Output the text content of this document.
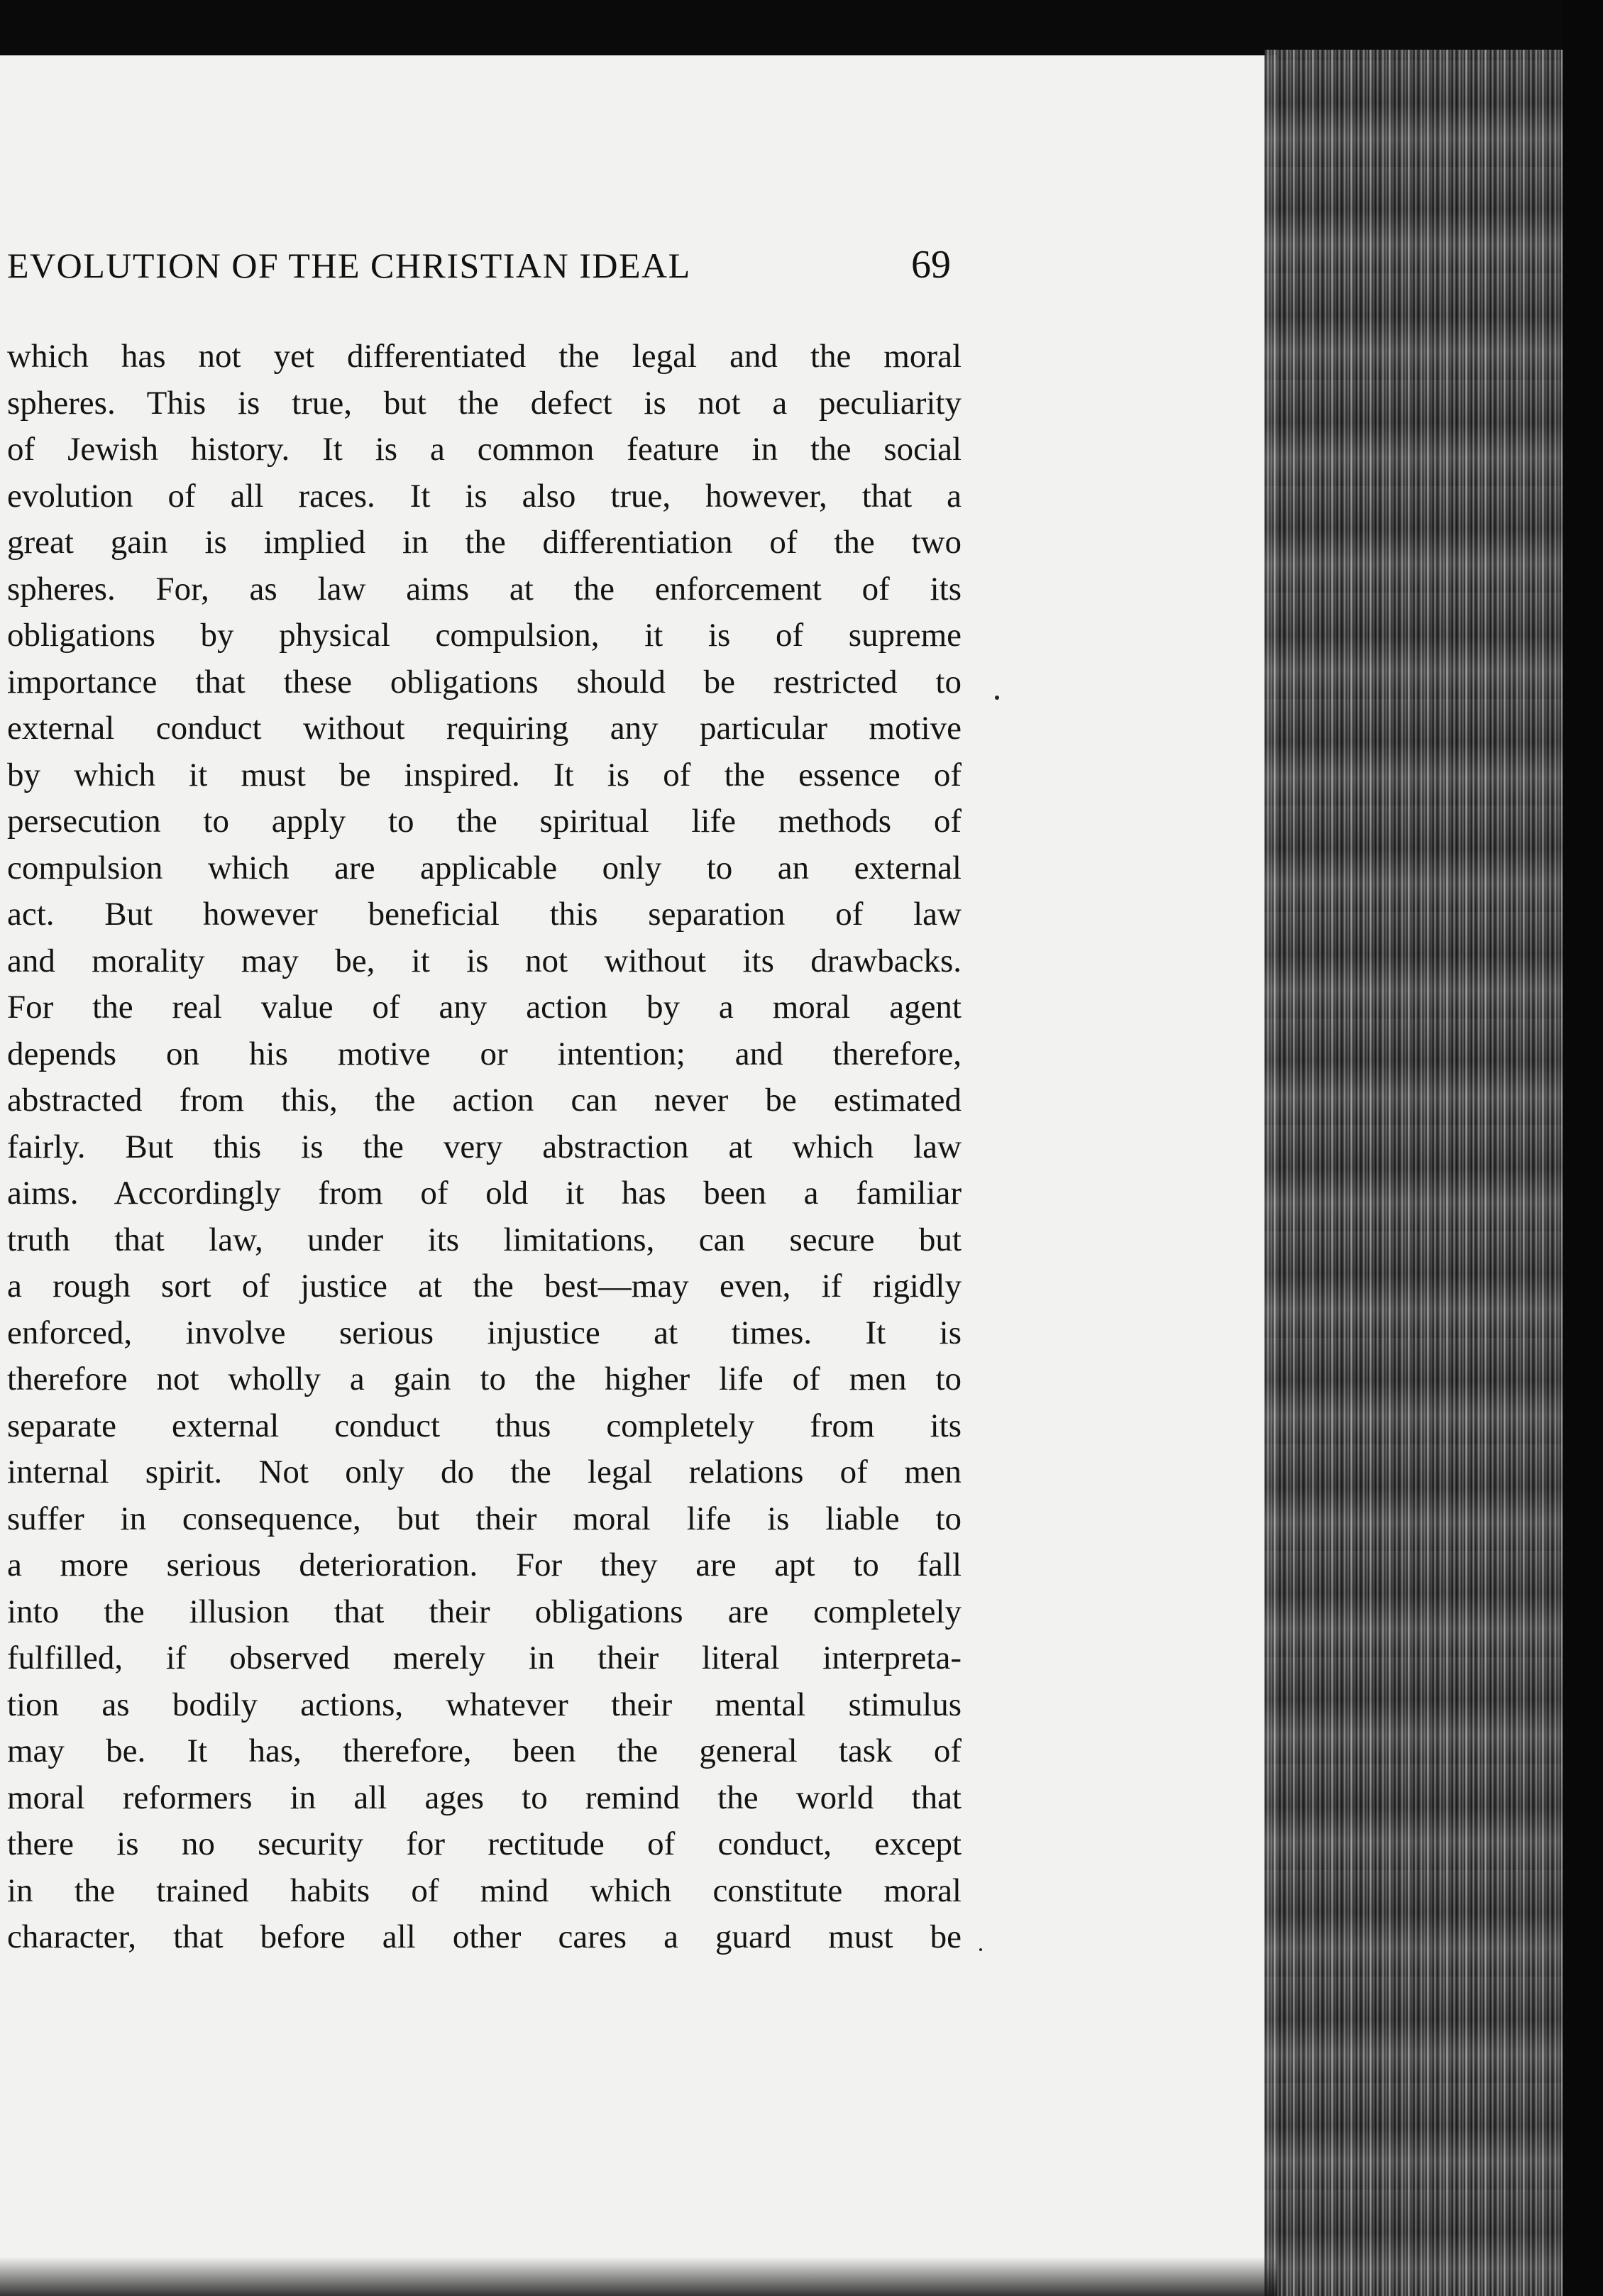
EVOLUTION OF THE CHRISTIAN IDEAL	69
which has not yet differentiated the legal and the moral
spheres. This is true, but the defect is not a peculiarity
of Jewish history. It is a common feature in the social
evolution of all races. It is also true, however, that a
great gain is implied in the differentiation of the two
spheres. For, as law aims at the enforcement of its
obligations by physical compulsion, it is of supreme
importance that these obligations should be restricted to
external conduct without requiring any particular motive
by which it must be inspired. It is of the essence of
persecution to apply to the spiritual life methods of
compulsion which are applicable only to an external
act. But however beneficial this separation of law
and morality may be, it is not without its drawbacks.
For the real value of any action by a moral agent
depends on his motive or intention; and therefore,
abstracted from this, the action can never be estimated
fairly. But this is the very abstraction at which law
aims. Accordingly from of old it has been a familiar
truth that law, under its limitations, can secure but
a rough sort of justice at the best—may even, if rigidly
enforced, involve serious injustice at times. It is
therefore not wholly a gain to the higher life of men to
separate external conduct thus completely from its
internal spirit. Not only do the legal relations of men
suffer in consequence, but their moral life is liable to
a more serious deterioration. For they are apt to fall
into the illusion that their obligations are completely
fulfilled, if observed merely in their literal interpreta-
tion as bodily actions, whatever their mental stimulus
may be. It has, therefore, been the general task of
moral reformers in all ages to remind the world that
there is no security for rectitude of conduct, except
in the trained habits of mind which constitute moral
character, that before all other cares a guard must be
